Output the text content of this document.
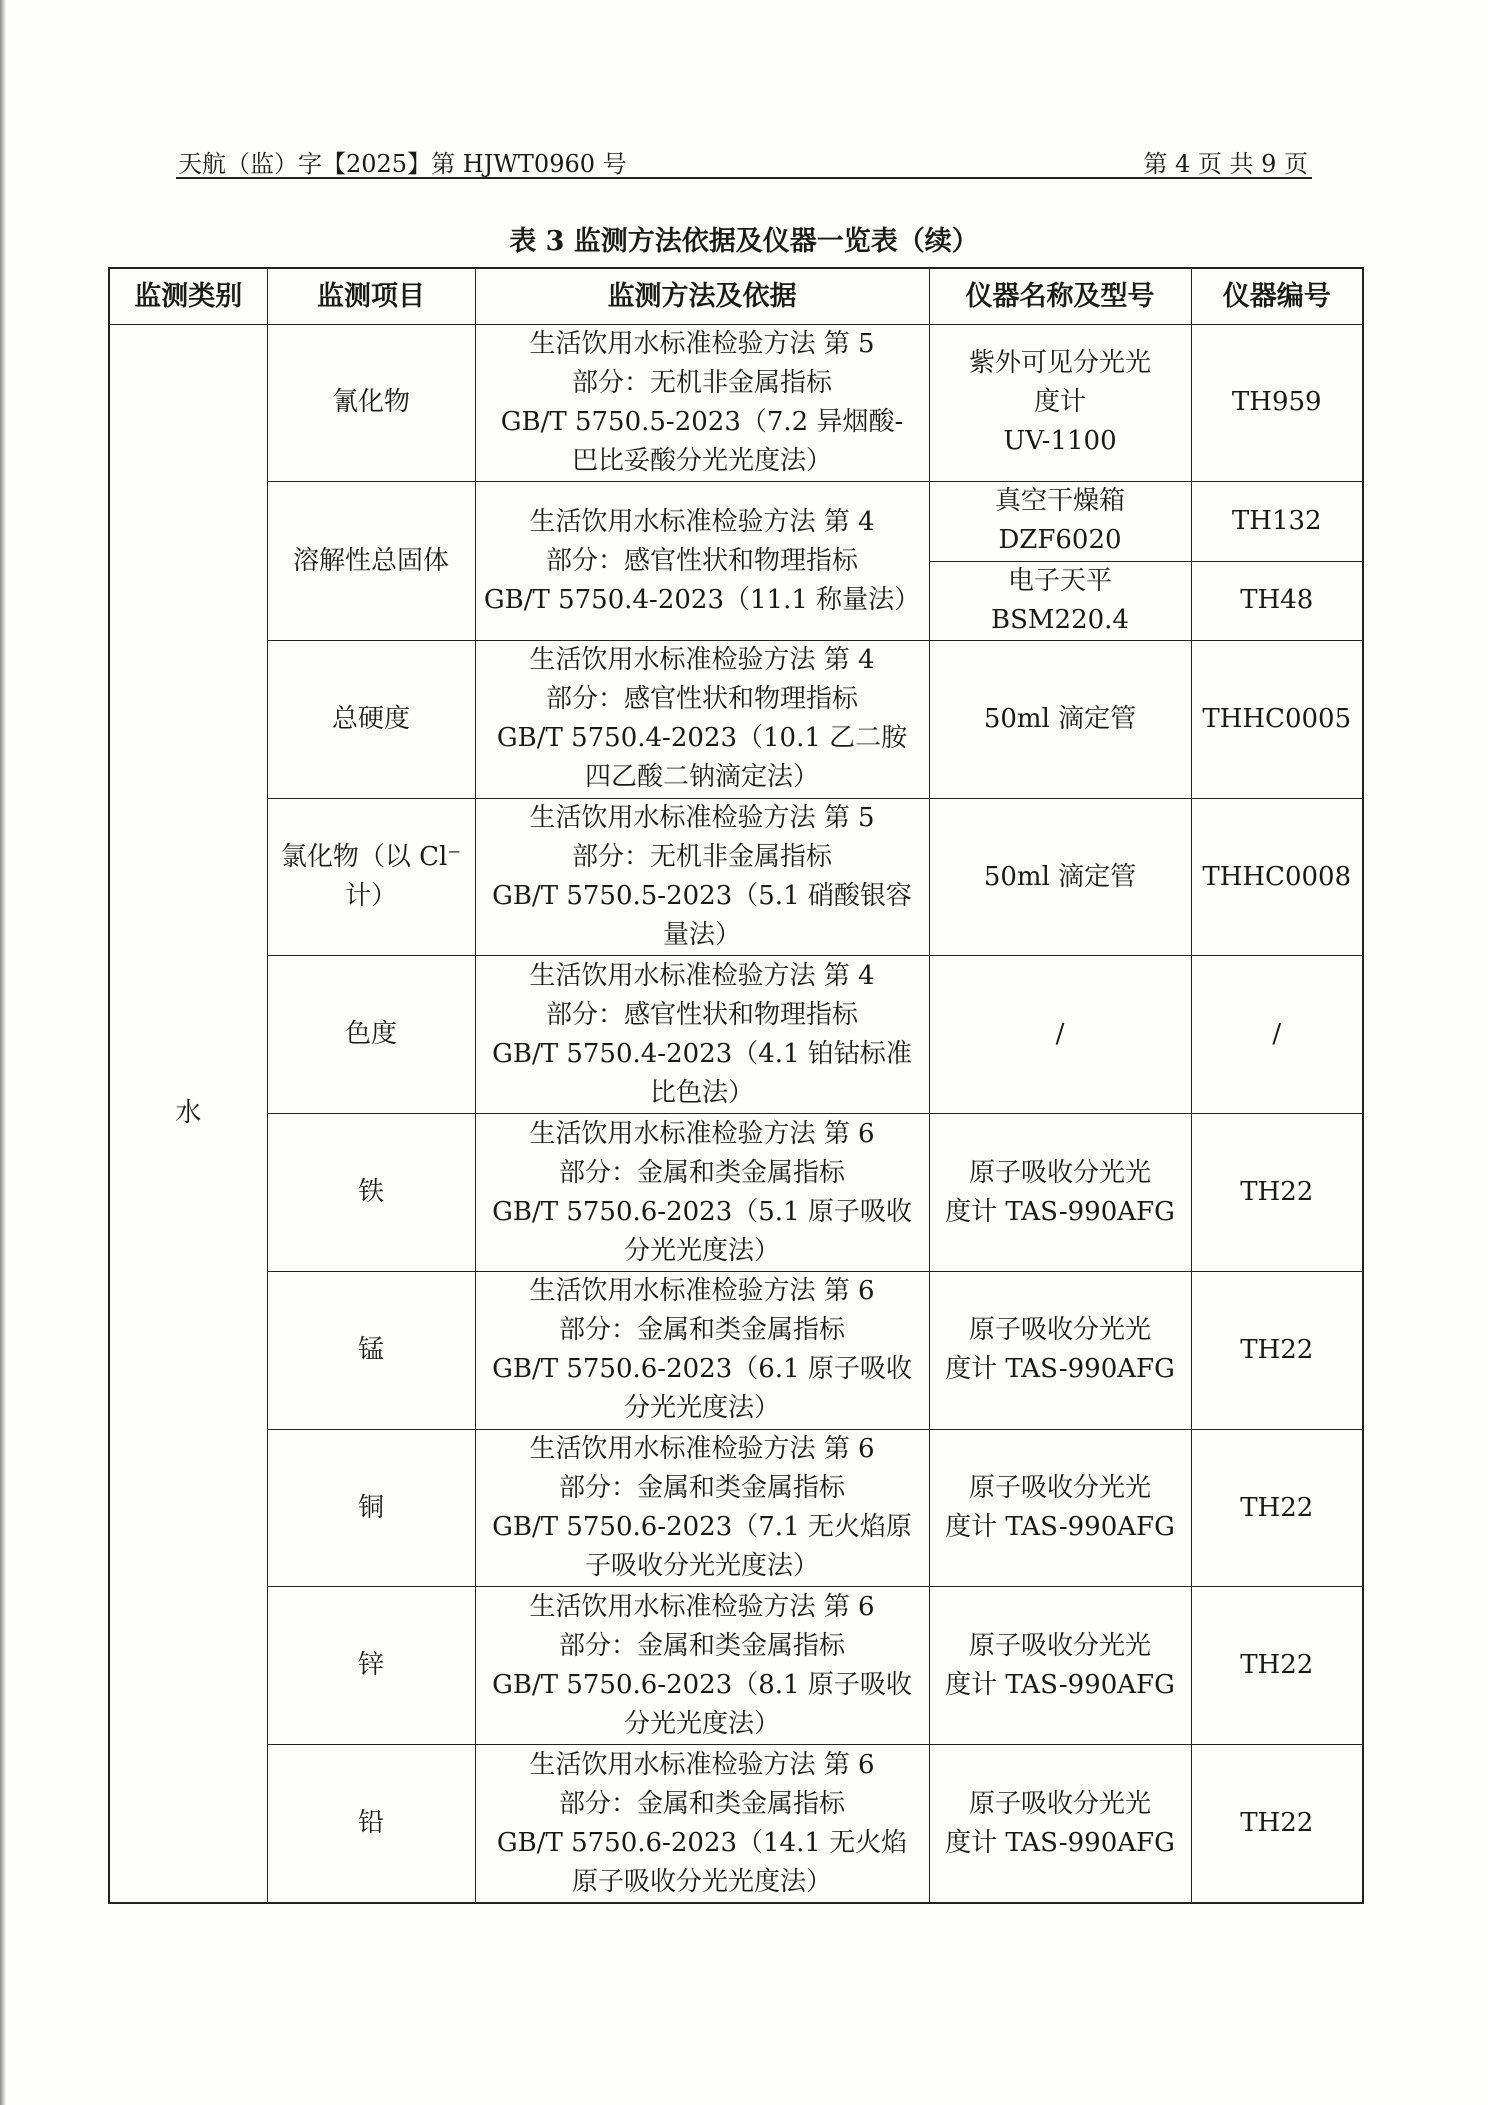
天航（监）字【2025】第 HJWT0960 号	第 4 页 共 9 页
表 3 监测方法依据及仪器一览表（续）
监测类别	监测项目	监测方法及依据	仪器名称及型号	仪器编号
水	氰化物	生活饮用水标准检验方法 第 5
部分：无机非金属指标
GB/T 5750.5-2023（7.2 异烟酸-
巴比妥酸分光光度法）	紫外可见分光光
度计
UV-1100	TH959
	溶解性总固体	生活饮用水标准检验方法 第 4
部分：感官性状和物理指标
GB/T 5750.4-2023（11.1 称量法）	真空干燥箱
DZF6020	TH132
			电子天平
BSM220.4	TH48
	总硬度	生活饮用水标准检验方法 第 4
部分：感官性状和物理指标
GB/T 5750.4-2023（10.1 乙二胺
四乙酸二钠滴定法）	50ml 滴定管	THHC0005
	氯化物（以 Cl⁻
计）	生活饮用水标准检验方法 第 5
部分：无机非金属指标
GB/T 5750.5-2023（5.1 硝酸银容
量法）	50ml 滴定管	THHC0008
	色度	生活饮用水标准检验方法 第 4
部分：感官性状和物理指标
GB/T 5750.4-2023（4.1 铂钴标准
比色法）	/	/
	铁	生活饮用水标准检验方法 第 6
部分：金属和类金属指标
GB/T 5750.6-2023（5.1 原子吸收
分光光度法）	原子吸收分光光
度计 TAS-990AFG	TH22
	锰	生活饮用水标准检验方法 第 6
部分：金属和类金属指标
GB/T 5750.6-2023（6.1 原子吸收
分光光度法）	原子吸收分光光
度计 TAS-990AFG	TH22
	铜	生活饮用水标准检验方法 第 6
部分：金属和类金属指标
GB/T 5750.6-2023（7.1 无火焰原
子吸收分光光度法）	原子吸收分光光
度计 TAS-990AFG	TH22
	锌	生活饮用水标准检验方法 第 6
部分：金属和类金属指标
GB/T 5750.6-2023（8.1 原子吸收
分光光度法）	原子吸收分光光
度计 TAS-990AFG	TH22
	铅	生活饮用水标准检验方法 第 6
部分：金属和类金属指标
GB/T 5750.6-2023（14.1 无火焰
原子吸收分光光度法）	原子吸收分光光
度计 TAS-990AFG	TH22
